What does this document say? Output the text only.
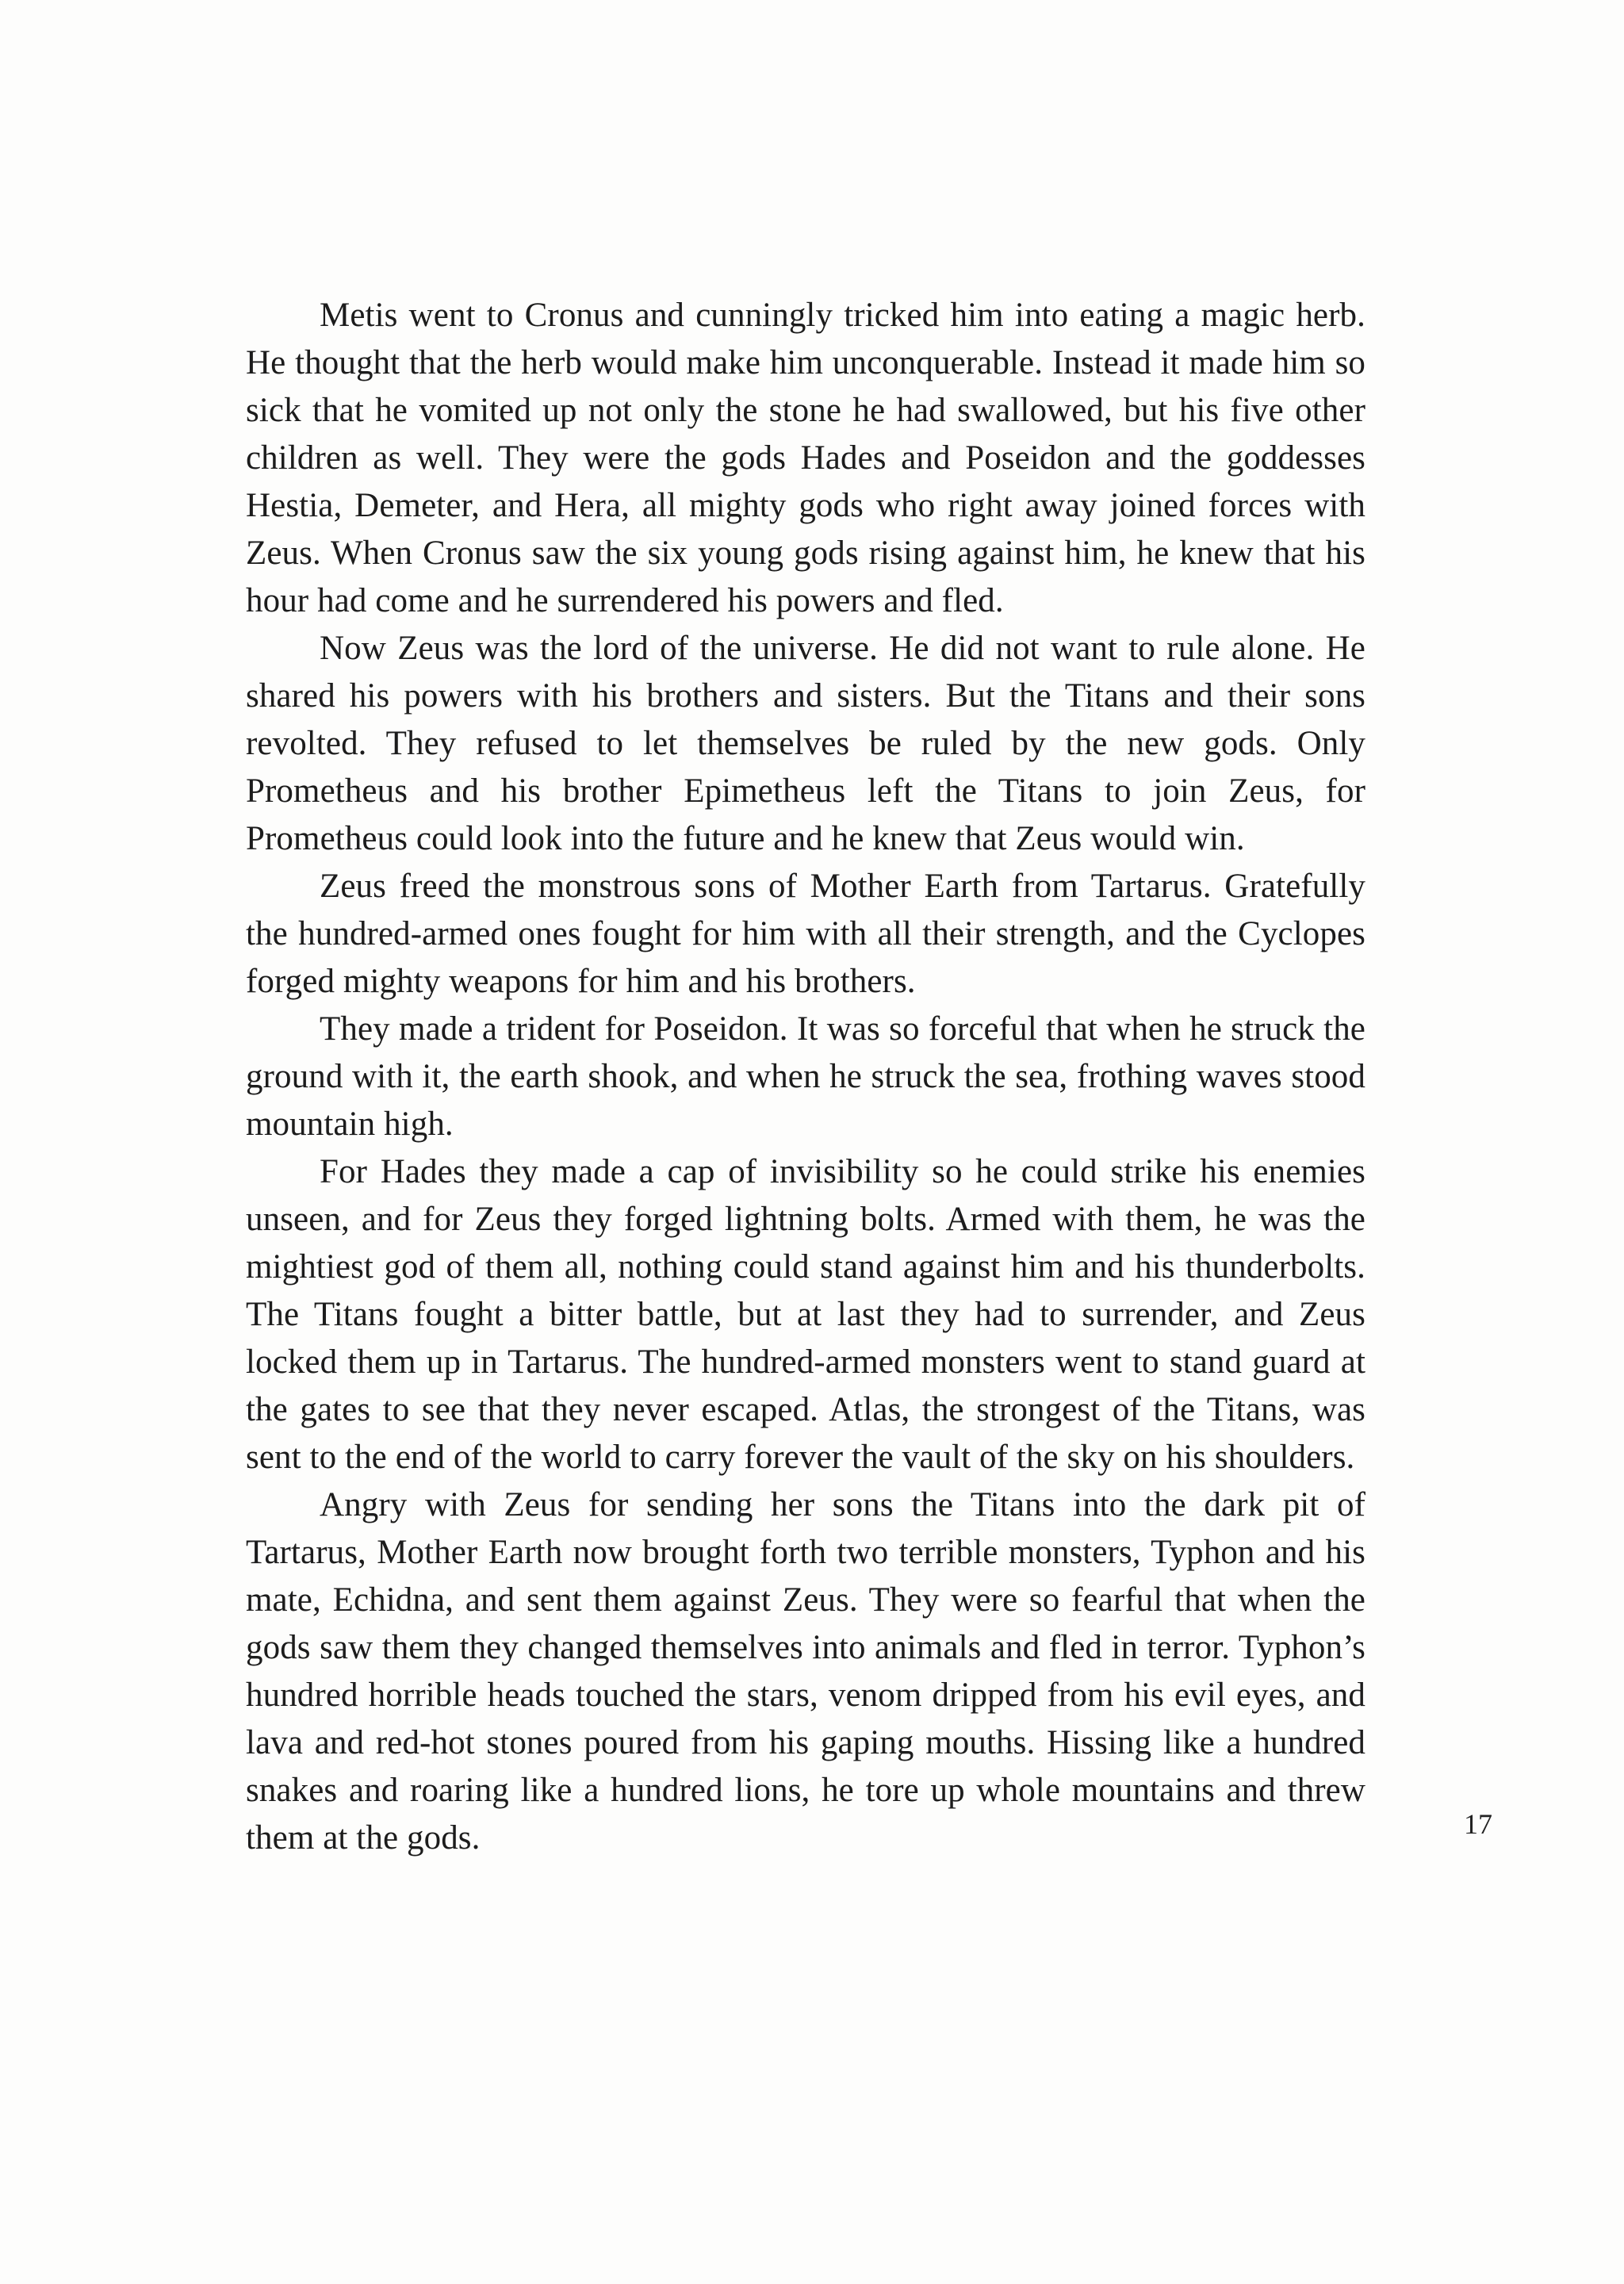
Metis went to Cronus and cunningly tricked him into eating a magic herb. He thought that the herb would make him unconquerable. Instead it made him so sick that he vomited up not only the stone he had swallowed, but his five other children as well. They were the gods Hades and Poseidon and the goddesses Hestia, Demeter, and Hera, all mighty gods who right away joined forces with Zeus. When Cronus saw the six young gods rising against him, he knew that his hour had come and he surrendered his powers and fled.

Now Zeus was the lord of the universe. He did not want to rule alone. He shared his powers with his brothers and sisters. But the Titans and their sons revolted. They refused to let themselves be ruled by the new gods. Only Prometheus and his brother Epimetheus left the Titans to join Zeus, for Prometheus could look into the future and he knew that Zeus would win.

Zeus freed the monstrous sons of Mother Earth from Tartarus. Gratefully the hundred-armed ones fought for him with all their strength, and the Cyclopes forged mighty weapons for him and his brothers.

They made a trident for Poseidon. It was so forceful that when he struck the ground with it, the earth shook, and when he struck the sea, frothing waves stood mountain high.

For Hades they made a cap of invisibility so he could strike his enemies unseen, and for Zeus they forged lightning bolts. Armed with them, he was the mightiest god of them all, nothing could stand against him and his thunderbolts. The Titans fought a bitter battle, but at last they had to surrender, and Zeus locked them up in Tartarus. The hundred-armed monsters went to stand guard at the gates to see that they never escaped. Atlas, the strongest of the Titans, was sent to the end of the world to carry forever the vault of the sky on his shoulders.

Angry with Zeus for sending her sons the Titans into the dark pit of Tartarus, Mother Earth now brought forth two terrible monsters, Typhon and his mate, Echidna, and sent them against Zeus. They were so fearful that when the gods saw them they changed themselves into animals and fled in terror. Typhon’s hundred horrible heads touched the stars, venom dripped from his evil eyes, and lava and red-hot stones poured from his gaping mouths. Hissing like a hundred snakes and roaring like a hundred lions, he tore up whole mountains and threw them at the gods.	17
